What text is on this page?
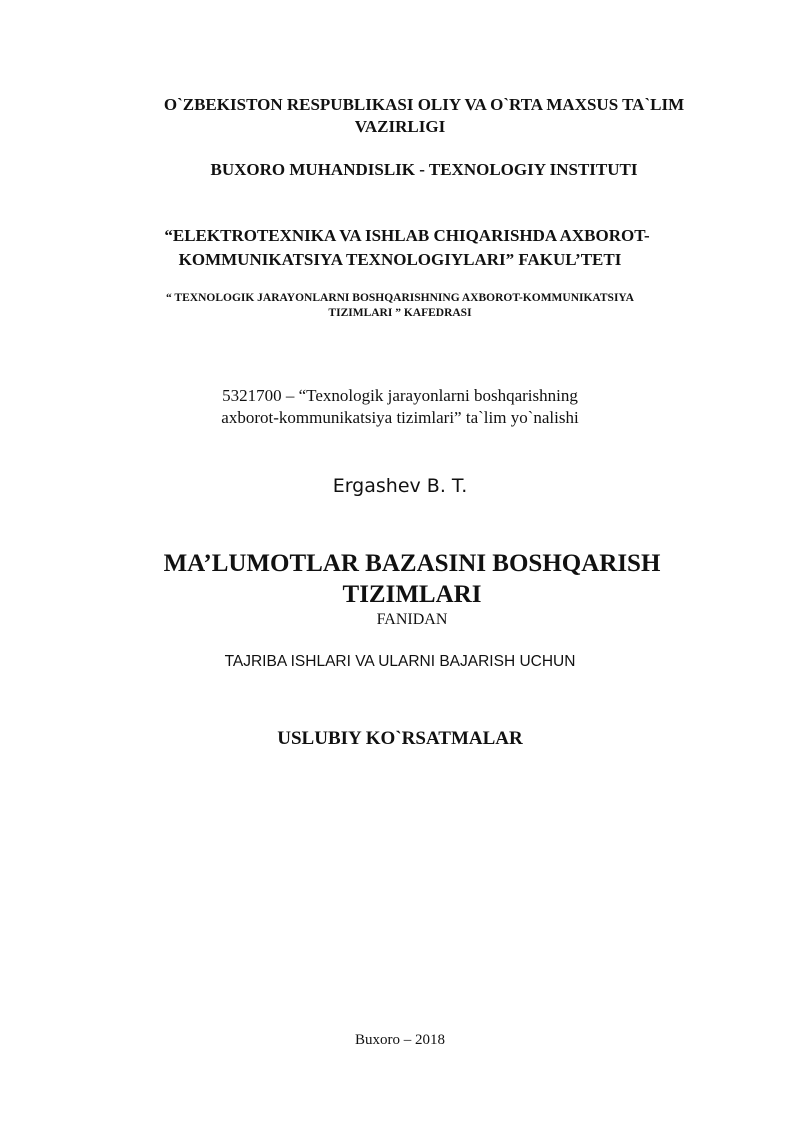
O`ZBEKISTON RESPUBLIKASI OLIY VA O`RTA MAXSUS TA`LIM
VAZIRLIGI
BUXORO MUHANDISLIK - TEXNOLOGIY INSTITUTI
“ELEKTROTEXNIKA VA ISHLAB CHIQARISHDA AXBOROT-
KOMMUNIKATSIYA TEXNOLOGIYLARI” FAKUL’TETI
“ TEXNOLOGIK JARAYONLARNI BOSHQARISHNING AXBOROT-KOMMUNIKATSIYA
TIZIMLARI ” KAFEDRASI
5321700 – “Texnologik jarayonlarni boshqarishning
axborot-kommunikatsiya tizimlari” ta`lim yo`nalishi
Ergashev B. T.
MA’LUMOTLAR BAZASINI BOSHQARISH
TIZIMLARI
FANIDAN
TAJRIBA ISHLARI VA ULARNI BAJARISH UCHUN
USLUBIY KO`RSATMALAR
Buxoro – 2018
